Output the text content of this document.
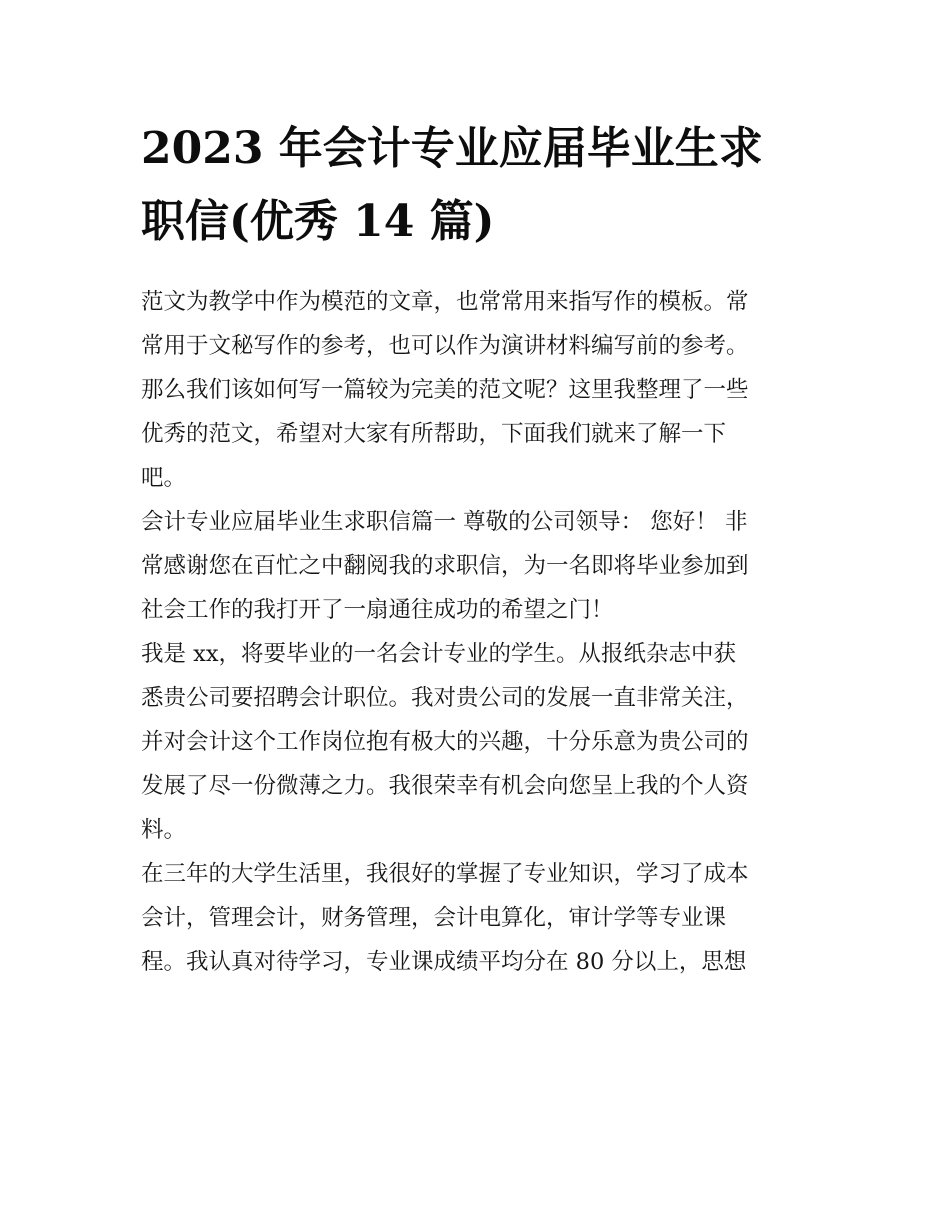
2023 年会计专业应届毕业生求
职信(优秀 14 篇)

范文为教学中作为模范的文章，也常常用来指写作的模板。常
常用于文秘写作的参考，也可以作为演讲材料编写前的参考。
那么我们该如何写一篇较为完美的范文呢？这里我整理了一些
优秀的范文，希望对大家有所帮助，下面我们就来了解一下
吧。

会计专业应届毕业生求职信篇一 尊敬的公司领导： 您好！ 非
常感谢您在百忙之中翻阅我的求职信，为一名即将毕业参加到
社会工作的我打开了一扇通往成功的希望之门！

我是 xx，将要毕业的一名会计专业的学生。从报纸杂志中获
悉贵公司要招聘会计职位。我对贵公司的发展一直非常关注，
并对会计这个工作岗位抱有极大的兴趣，十分乐意为贵公司的
发展了尽一份微薄之力。我很荣幸有机会向您呈上我的个人资
料。

在三年的大学生活里，我很好的掌握了专业知识，学习了成本
会计，管理会计，财务管理，会计电算化，审计学等专业课
程。我认真对待学习，专业课成绩平均分在 80 分以上，思想
